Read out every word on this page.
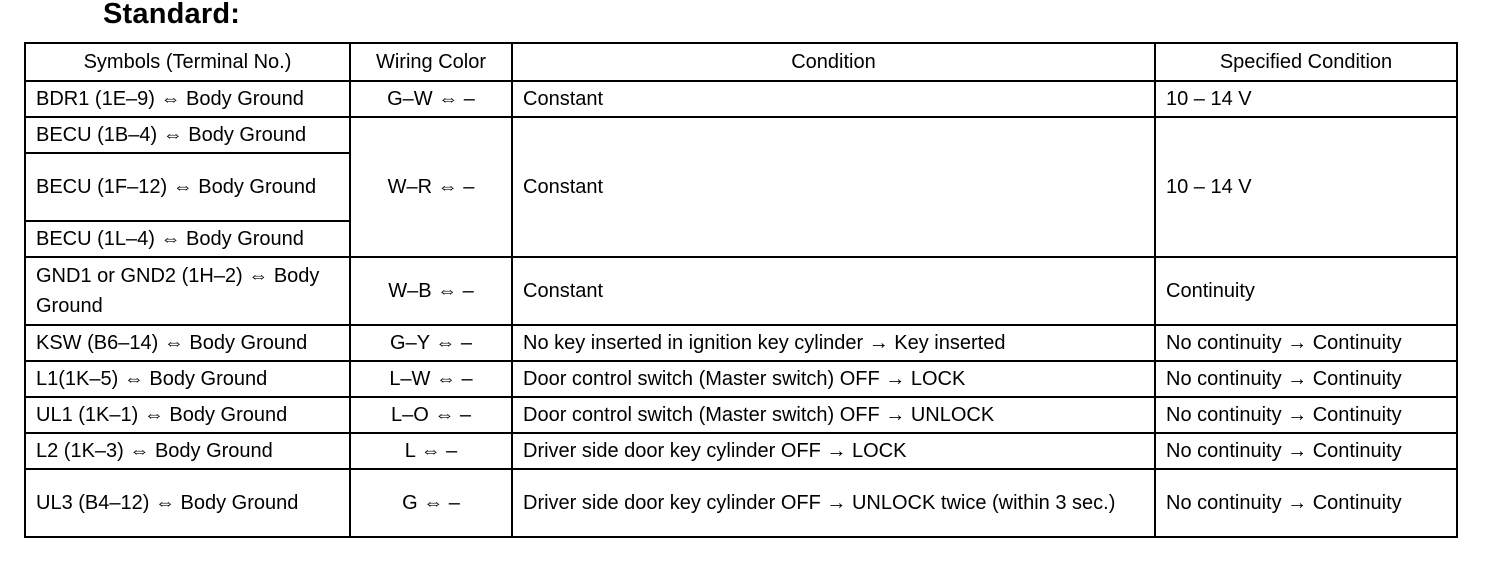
Standard:
Symbols (Terminal No.)	Wiring Color	Condition	Specified Condition
BDR1 (1E–9) ⇔ Body Ground	G–W ⇔ –	Constant	10 – 14 V
BECU (1B–4) ⇔ Body Ground	W–R ⇔ –	Constant	10 – 14 V
BECU (1F–12) ⇔ Body Ground			
BECU (1L–4) ⇔ Body Ground			
GND1 or GND2 (1H–2) ⇔ Body Ground	W–B ⇔ –	Constant	Continuity
KSW (B6–14) ⇔ Body Ground	G–Y ⇔ –	No key inserted in ignition key cylinder → Key inserted	No continuity → Continuity
L1(1K–5) ⇔ Body Ground	L–W ⇔ –	Door control switch (Master switch) OFF → LOCK	No continuity → Continuity
UL1 (1K–1) ⇔ Body Ground	L–O ⇔ –	Door control switch (Master switch) OFF → UNLOCK	No continuity → Continuity
L2 (1K–3) ⇔ Body Ground	L ⇔ –	Driver side door key cylinder OFF → LOCK	No continuity → Continuity
UL3 (B4–12) ⇔ Body Ground	G ⇔ –	Driver side door key cylinder OFF → UNLOCK twice (within 3 sec.)	No continuity → Continuity
